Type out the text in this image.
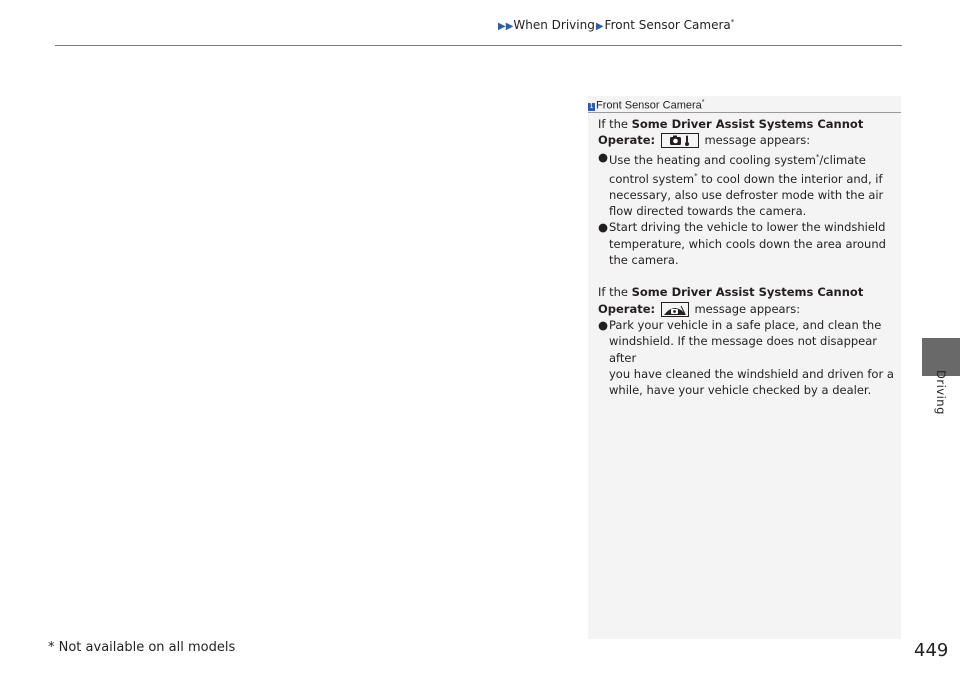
▶▶When Driving▶Front Sensor Camera*
1 Front Sensor Camera*

If the Some Driver Assist Systems Cannot

Operate:	message appears:

● Use the heating and cooling system*/climate

control system* to cool down the interior and, if

necessary, also use defroster mode with the air

flow directed towards the camera.

● Start driving the vehicle to lower the windshield

temperature, which cools down the area around

the camera.

If the Some Driver Assist Systems Cannot

Operate:	message appears:

● Park your vehicle in a safe place, and clean the

windshield. If the message does not disappear after

you have cleaned the windshield and driven for a

while, have your vehicle checked by a dealer.	Driving
* Not available on all models	449
